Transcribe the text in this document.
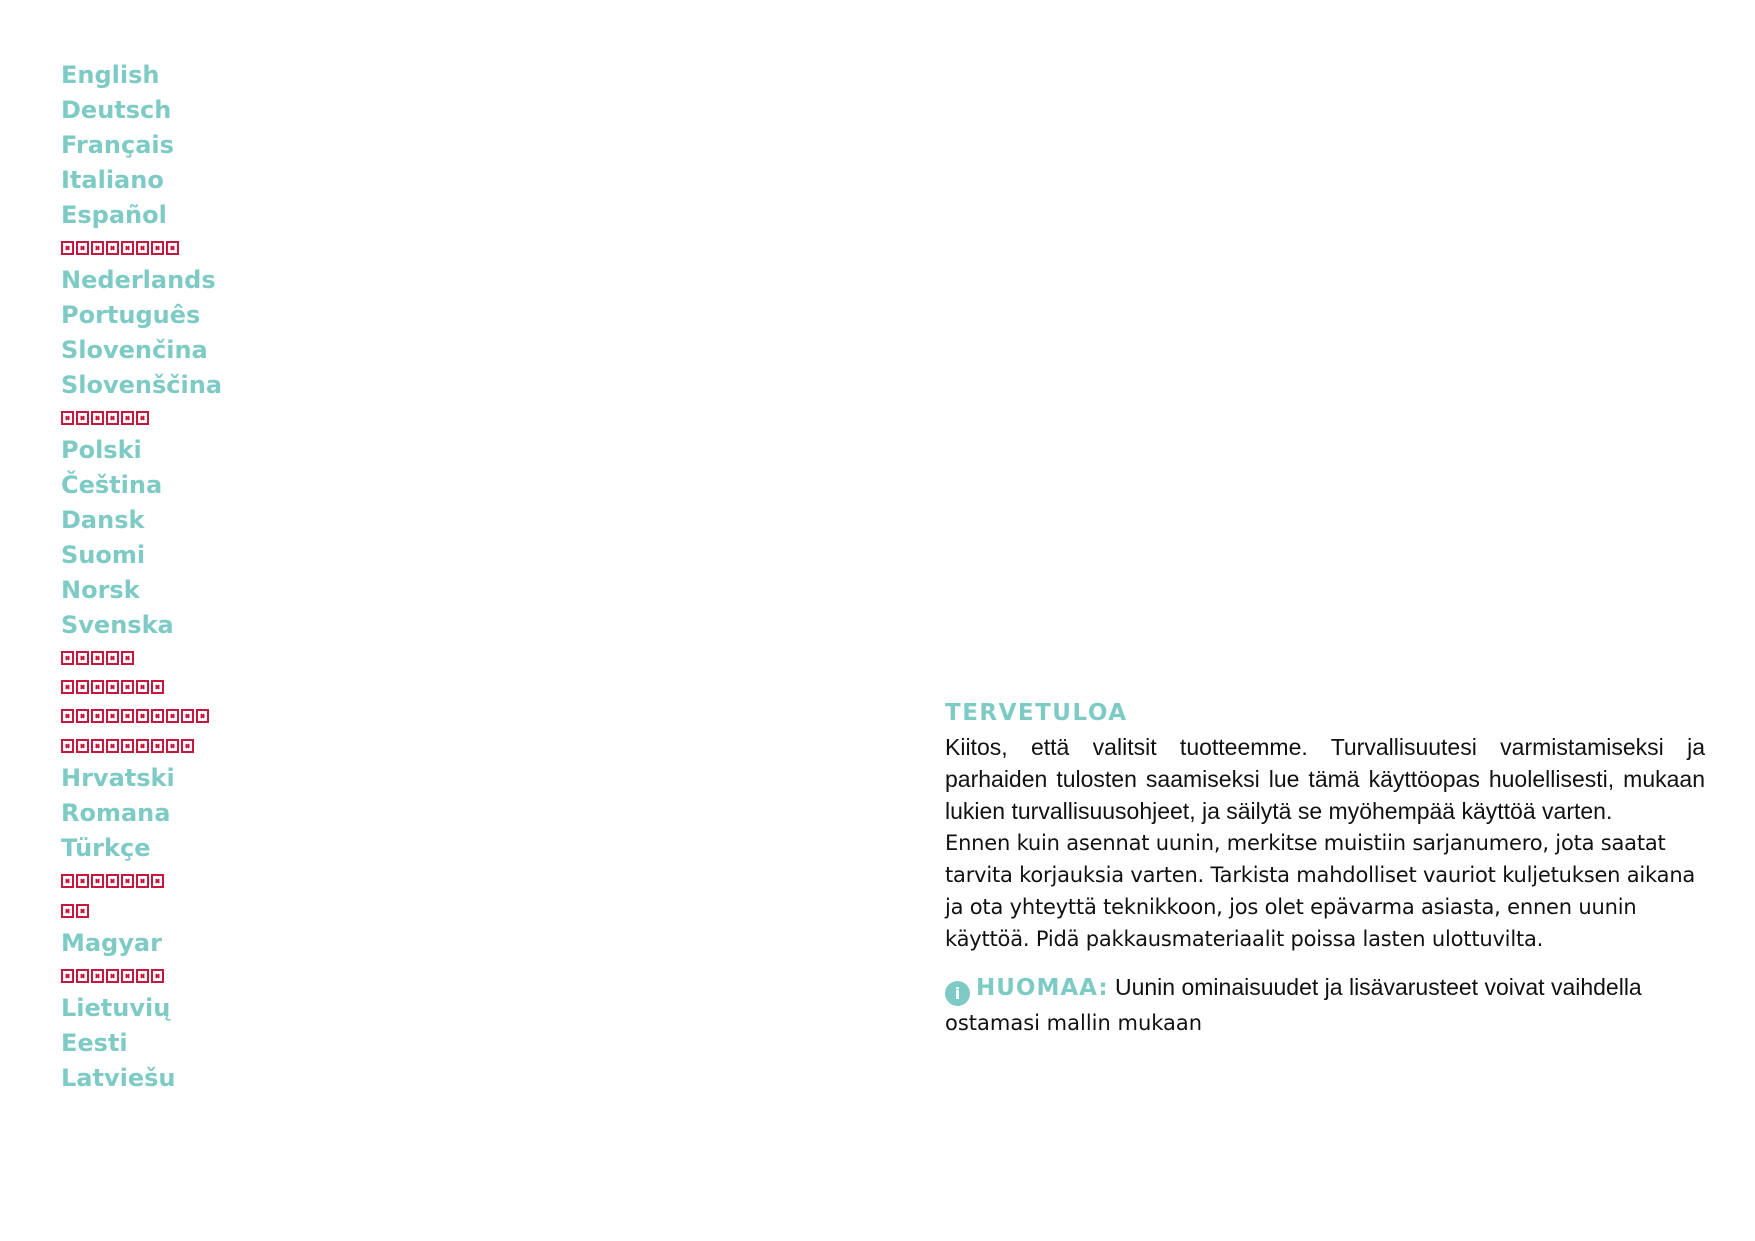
English
Deutsch
Français
Italiano
Español
Nederlands
Português
Slovenčina
Slovenščina
Polski
Čeština
Dansk
Suomi
Norsk
Svenska
Hrvatski
Romana
Türkçe
Magyar
Lietuvių
Eesti
Latviešu
TERVETULOA

Kiitos, että valitsit tuotteemme. Turvallisuutesi varmistamiseksi ja parhaiden tulosten saamiseksi lue tämä käyttöopas huolellisesti, mukaan lukien turvallisuusohjeet, ja säilytä se myöhempää käyttöä varten.

Ennen kuin asennat uunin, merkitse muistiin sarjanumero, jota saatat tarvita korjauksia varten. Tarkista mahdolliset vauriot kuljetuksen aikana ja ota yhteyttä teknikkoon, jos olet epävarma asiasta, ennen uunin käyttöä. Pidä pakkausmateriaalit poissa lasten ulottuvilta.

i HUOMAA: Uunin ominaisuudet ja lisävarusteet voivat vaihdella
ostamasi mallin mukaan
